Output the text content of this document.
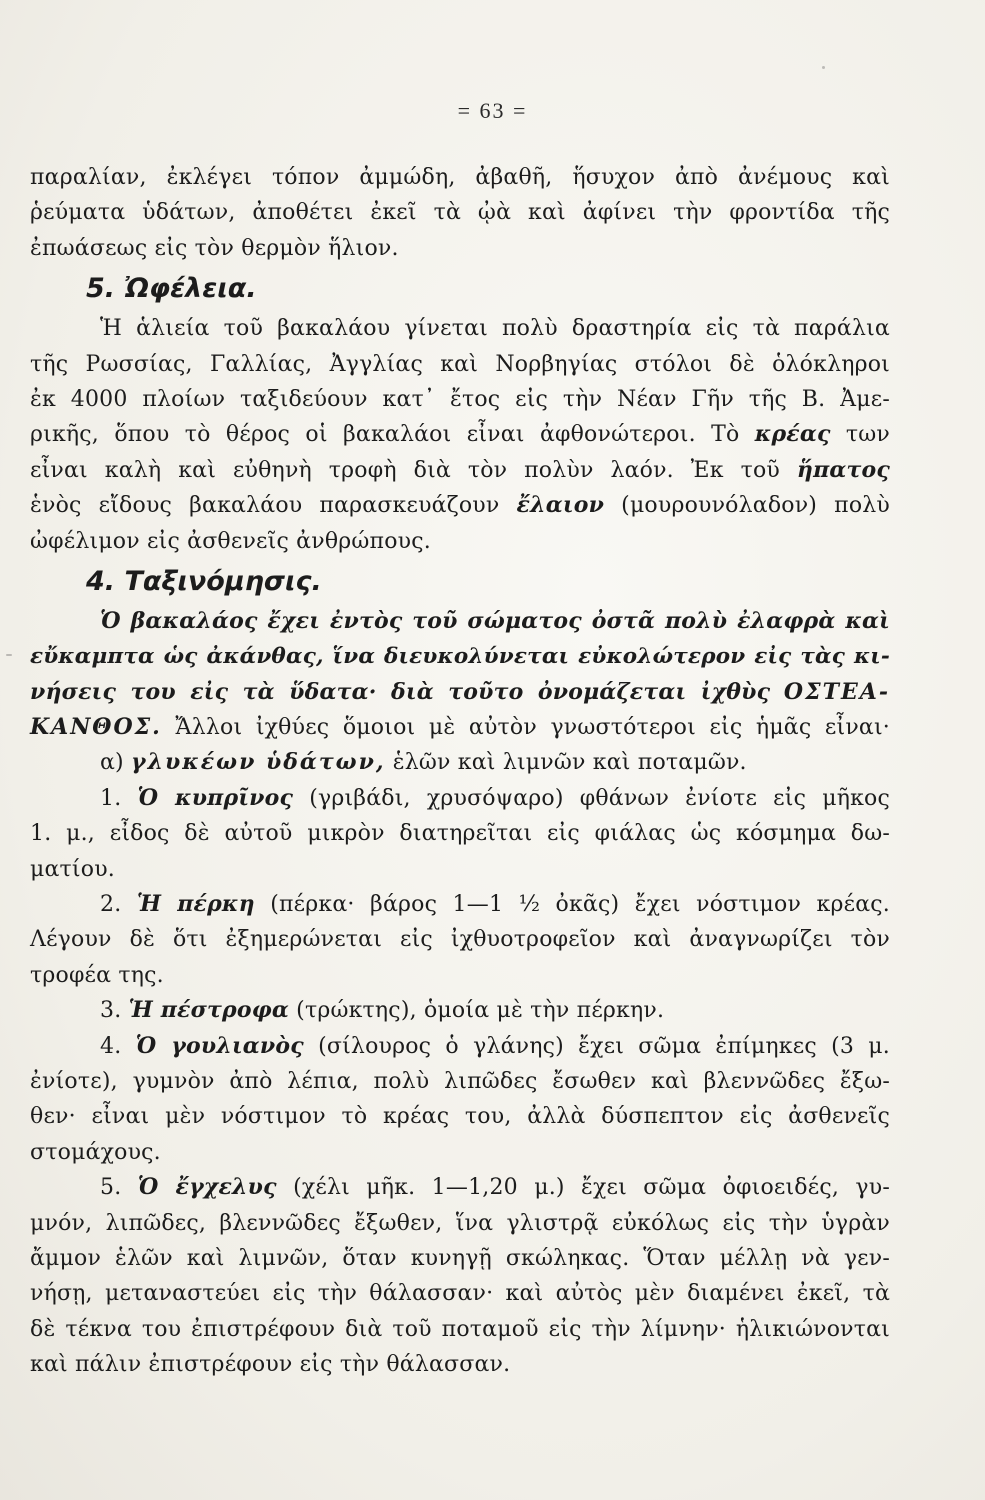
= 63 =
παραλίαν, ἐκλέγει τόπον ἀμμώδη, ἀβαθῆ, ἥσυχον ἀπὸ ἀνέμους καὶ
ῥεύματα ὑδάτων, ἀποθέτει ἐκεῖ τὰ ᾠὰ καὶ ἀφίνει τὴν φροντίδα τῆς
ἐπωάσεως εἰς τὸν θερμὸν ἥλιον.
5. Ὠφέλεια.
Ἡ ἁλιεία τοῦ βακαλάου γίνεται πολὺ δραστηρία εἰς τὰ παράλια
τῆς Ρωσσίας, Γαλλίας, Ἀγγλίας καὶ Νορβηγίας στόλοι δὲ ὁλόκληροι
ἐκ 4000 πλοίων ταξιδεύουν κατ᾽ ἔτος εἰς τὴν Νέαν Γῆν τῆς Β. Ἀμε-
ρικῆς, ὅπου τὸ θέρος οἱ βακαλάοι εἶναι ἀφθονώτεροι. Τὸ κρέας των
εἶναι καλὴ καὶ εὐθηνὴ τροφὴ διὰ τὸν πολὺν λαόν. Ἐκ τοῦ ἥπατος
ἑνὸς εἴδους βακαλάου παρασκευάζουν ἔλαιον (μουρουνόλαδον) πολὺ
ὠφέλιμον εἰς ἀσθενεῖς ἀνθρώπους.
4. Ταξινόμησις.
Ὁ βακαλάος ἔχει ἐντὸς τοῦ σώματος ὀστᾶ πολὺ ἐλαφρὰ καὶ
εὔκαμπτα ὡς ἀκάνθας, ἵνα διευκολύνεται εὐκολώτερον εἰς τὰς κι-
νήσεις του εἰς τὰ ὕδατα· διὰ τοῦτο ὀνομάζεται ἰχθὺς ΟΣΤΕΑ-
ΚΑΝΘΟΣ. Ἄλλοι ἰχθύες ὅμοιοι μὲ αὐτὸν γνωστότεροι εἰς ἡμᾶς εἶναι·
α) γλυκέων ὑδάτων, ἑλῶν καὶ λιμνῶν καὶ ποταμῶν.
1. Ὁ κυπρῖνος (γριβάδι, χρυσόψαρο) φθάνων ἐνίοτε εἰς μῆκος
1. μ., εἶδος δὲ αὐτοῦ μικρὸν διατηρεῖται εἰς φιάλας ὡς κόσμημα δω-
ματίου.
2. Ἡ πέρκη (πέρκα· βάρος 1—1 ½ ὀκᾶς) ἔχει νόστιμον κρέας.
Λέγουν δὲ ὅτι ἐξημερώνεται εἰς ἰχθυοτροφεῖον καὶ ἀναγνωρίζει τὸν
τροφέα της.
3. Ἡ πέστροφα (τρώκτης), ὁμοία μὲ τὴν πέρκην.
4. Ὁ γουλιανὸς (σίλουρος ὁ γλάνης) ἔχει σῶμα ἐπίμηκες (3 μ.
ἐνίοτε), γυμνὸν ἀπὸ λέπια, πολὺ λιπῶδες ἔσωθεν καὶ βλεννῶδες ἔξω-
θεν· εἶναι μὲν νόστιμον τὸ κρέας του, ἀλλὰ δύσπεπτον εἰς ἀσθενεῖς
στομάχους.
5. Ὁ ἔγχελυς (χέλι μῆκ. 1—1,20 μ.) ἔχει σῶμα ὀφιοειδές, γυ-
μνόν, λιπῶδες, βλεννῶδες ἔξωθεν, ἵνα γλιστρᾷ εὐκόλως εἰς τὴν ὑγρὰν
ἄμμον ἑλῶν καὶ λιμνῶν, ὅταν κυνηγῇ σκώληκας. Ὅταν μέλλῃ νὰ γεν-
νήσῃ, μεταναστεύει εἰς τὴν θάλασσαν· καὶ αὐτὸς μὲν διαμένει ἐκεῖ, τὰ
δὲ τέκνα του ἐπιστρέφουν διὰ τοῦ ποταμοῦ εἰς τὴν λίμνην· ἡλικιώνονται
καὶ πάλιν ἐπιστρέφουν εἰς τὴν θάλασσαν.
